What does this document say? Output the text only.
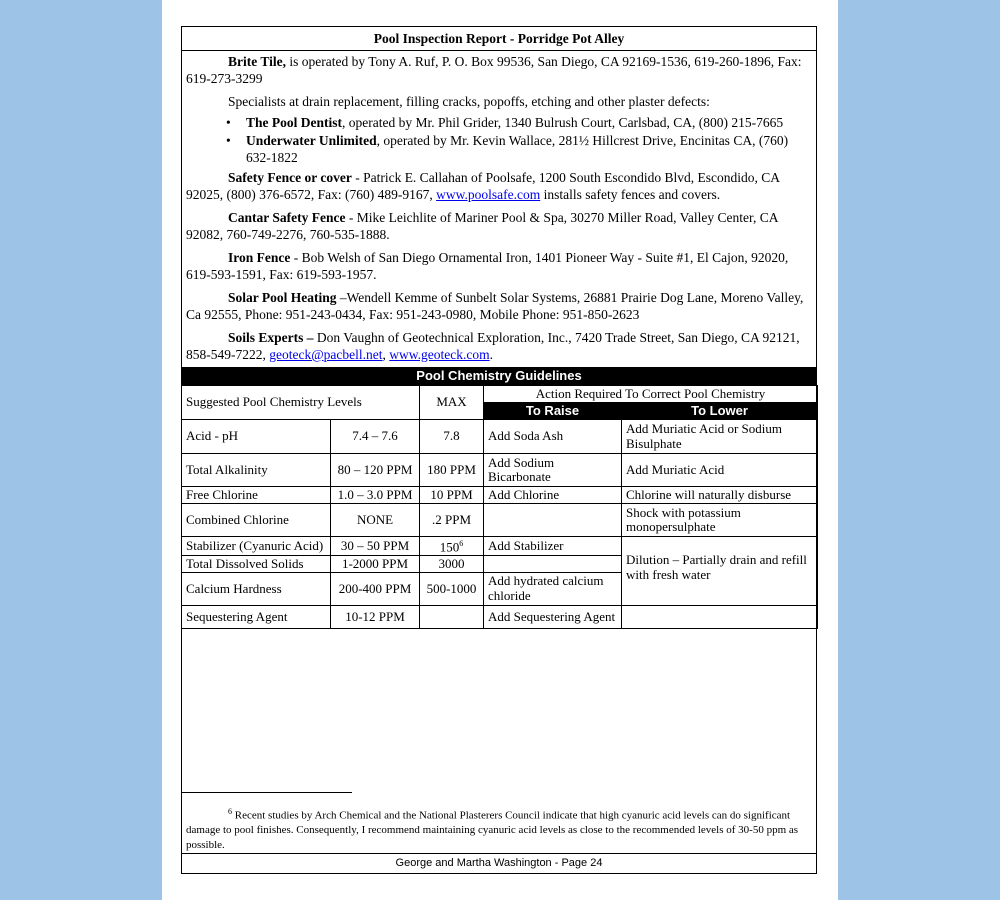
Pool Inspection Report - Porridge Pot Alley

Brite Tile, is operated by Tony A. Ruf, P. O. Box 99536, San Diego, CA 92169-1536, 619-260-1896, Fax: 619-273-3299

Specialists at drain replacement, filling cracks, popoffs, etching and other plaster defects:

• The Pool Dentist, operated by Mr. Phil Grider, 1340 Bulrush Court, Carlsbad, CA, (800) 215-7665
• Underwater Unlimited, operated by Mr. Kevin Wallace, 281½ Hillcrest Drive, Encinitas CA, (760) 632-1822

Safety Fence or cover - Patrick E. Callahan of Poolsafe, 1200 South Escondido Blvd, Escondido, CA 92025, (800) 376-6572, Fax: (760) 489-9167, www.poolsafe.com installs safety fences and covers.

Cantar Safety Fence - Mike Leichlite of Mariner Pool & Spa, 30270 Miller Road, Valley Center, CA 92082, 760-749-2276, 760-535-1888.

Iron Fence - Bob Welsh of San Diego Ornamental Iron, 1401 Pioneer Way - Suite #1, El Cajon, 92020, 619-593-1591, Fax: 619-593-1957.

Solar Pool Heating –Wendell Kemme of Sunbelt Solar Systems, 26881 Prairie Dog Lane, Moreno Valley, Ca 92555, Phone: 951-243-0434, Fax: 951-243-0980, Mobile Phone: 951-850-2623

Soils Experts – Don Vaughn of Geotechnical Exploration, Inc., 7420 Trade Street, San Diego, CA 92121, 858-549-7222, geoteck@pacbell.net, www.geoteck.com.

Pool Chemistry Guidelines
Suggested Pool Chemistry Levels		MAX	Action Required To Correct Pool Chemistry	
			To Raise	To Lower
Acid - pH	7.4 – 7.6	7.8	Add Soda Ash	Add Muriatic Acid or Sodium Bisulphate
Total Alkalinity	80 – 120 PPM	180 PPM	Add Sodium Bicarbonate	Add Muriatic Acid
Free Chlorine	1.0 – 3.0 PPM	10 PPM	Add Chlorine	Chlorine will naturally disburse
Combined Chlorine	NONE	.2 PPM		Shock with potassium monopersulphate
Stabilizer (Cyanuric Acid)	30 – 50 PPM	$150^6$	Add Stabilizer	Dilution – Partially drain and refill with fresh water
Total Dissolved Solids	1-2000 PPM	3000		
Calcium Hardness	200-400 PPM	500-1000	Add hydrated calcium chloride	
Sequestering Agent	10-12 PPM		Add Sequestering Agent	
$^6$ Recent studies by Arch Chemical and the National Plasterers Council indicate that high cyanuric acid levels can do significant damage to pool finishes. Consequently, I recommend maintaining cyanuric acid levels as close to the recommended levels of 30-50 ppm as possible.
George and Martha Washington - Page 24
